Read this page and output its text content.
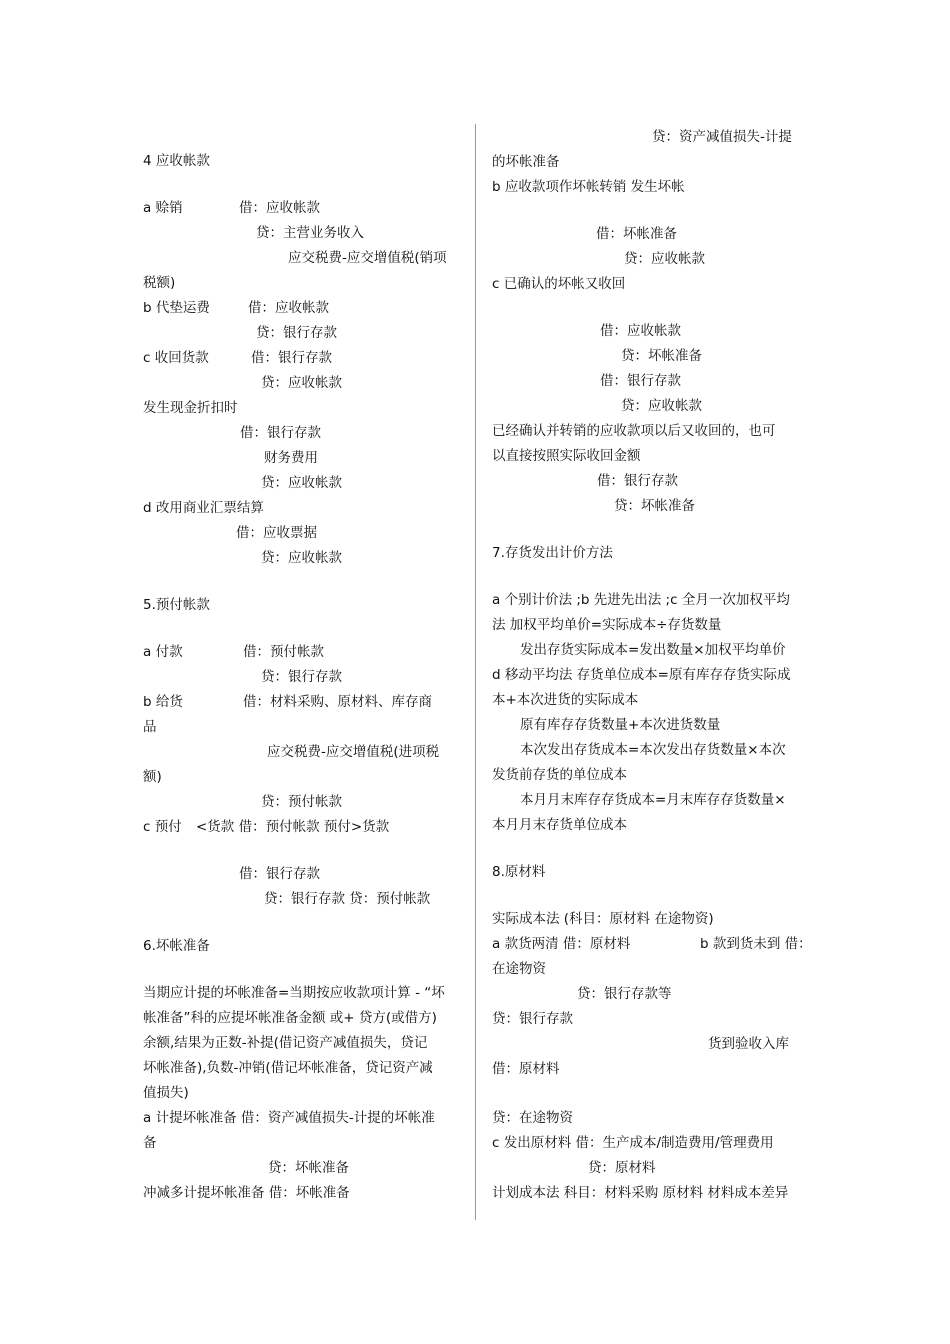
4 应收帐款
a 赊销	借：应收帐款
贷：主营业务收入
应交税费-应交增值税(销项
税额)
b 代垫运费	借：应收帐款
贷：银行存款
c 收回货款	借：银行存款
贷：应收帐款
发生现金折扣时
借：银行存款
财务费用
贷：应收帐款
d 改用商业汇票结算
借：应收票据
贷：应收帐款
5.预付帐款
a 付款	借：预付帐款
贷：银行存款
b 给货	借：材料采购、原材料、库存商
品
应交税费-应交增值税(进项税
额)
贷：预付帐款
c 预付 <货款 借：预付帐款 预付>货款
借：银行存款
贷：银行存款 贷：预付帐款
6.坏帐准备
当期应计提的坏帐准备=当期按应收款项计算 - “坏
帐准备”科的应提坏帐准备金额 或+ 贷方(或借方)
余额,结果为正数-补提(借记资产减值损失，贷记
坏帐准备),负数-冲销(借记坏帐准备，贷记资产减
值损失)
a 计提坏帐准备 借：资产减值损失-计提的坏帐准
备
贷：坏帐准备
冲减多计提坏帐准备 借：坏帐准备
贷：资产减值损失-计提
的坏帐准备
b 应收款项作坏帐转销 发生坏帐
借：坏帐准备
贷：应收帐款
c 已确认的坏帐又收回
借：应收帐款
贷：坏帐准备
借：银行存款
贷：应收帐款
已经确认并转销的应收款项以后又收回的，也可
以直接按照实际收回金额
借：银行存款
贷：坏帐准备
7.存货发出计价方法
a 个别计价法 ;b 先进先出法 ;c 全月一次加权平均
法 加权平均单价=实际成本÷存货数量
发出存货实际成本=发出数量×加权平均单价
d 移动平均法 存货单位成本=原有库存存货实际成
本+本次进货的实际成本
原有库存存货数量+本次进货数量
本次发出存货成本=本次发出存货数量×本次
发货前存货的单位成本
本月月末库存存货成本=月末库存存货数量×
本月月末存货单位成本
8.原材料
实际成本法 (科目：原材料 在途物资)
a 款货两清 借：原材料	b 款到货未到 借：
在途物资
贷：银行存款等
贷：银行存款
货到验收入库
借：原材料
贷：在途物资
c 发出原材料 借：生产成本/制造费用/管理费用
贷：原材料
计划成本法 科目：材料采购 原材料 材料成本差异
